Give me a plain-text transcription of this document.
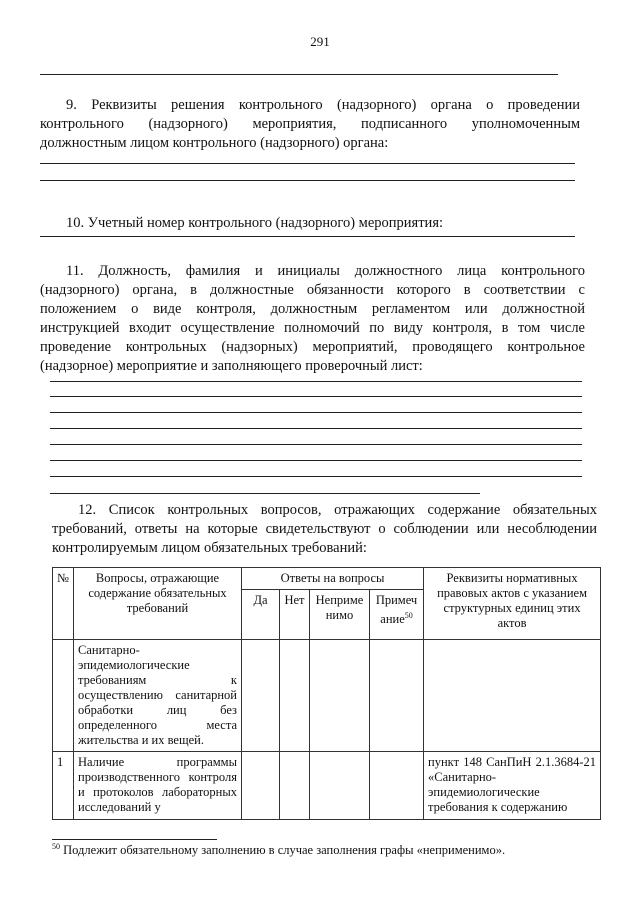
291
9. Реквизиты решения контрольного (надзорного) органа о проведении контрольного (надзорного) мероприятия, подписанного уполномоченным должностным лицом контрольного (надзорного) органа:
10. Учетный номер контрольного (надзорного) мероприятия:
11. Должность, фамилия и инициалы должностного лица контрольного (надзорного) органа, в должностные обязанности которого в соответствии с положением о виде контроля, должностным регламентом или должностной инструкцией входит осуществление полномочий по виду контроля, в том числе проведение контрольных (надзорных) мероприятий, проводящего контрольное (надзорное) мероприятие и заполняющего проверочный лист:
12. Список контрольных вопросов, отражающих содержание обязательных требований, ответы на которые свидетельствуют о соблюдении или несоблюдении контролируемым лицом обязательных требований:
№	Вопросы, отражающие содержание обязательных требований	Ответы на вопросы				Реквизиты нормативных правовых актов с указанием структурных единиц этих актов
		Да	Нет	Неприме нимо	Примеч ание$^{50}$
	Санитарно-эпидемиологические требованиям к осуществлению санитарной обработки лиц без определенного места жительства и их вещей.					
1	Наличие программы производственного контроля и протоколов лабораторных исследований у					пункт 148 СанПиН 2.1.3684-21 «Санитарно-эпидемиологические требования к содержанию
$^{50}$ Подлежит обязательному заполнению в случае заполнения графы «неприменимо».
